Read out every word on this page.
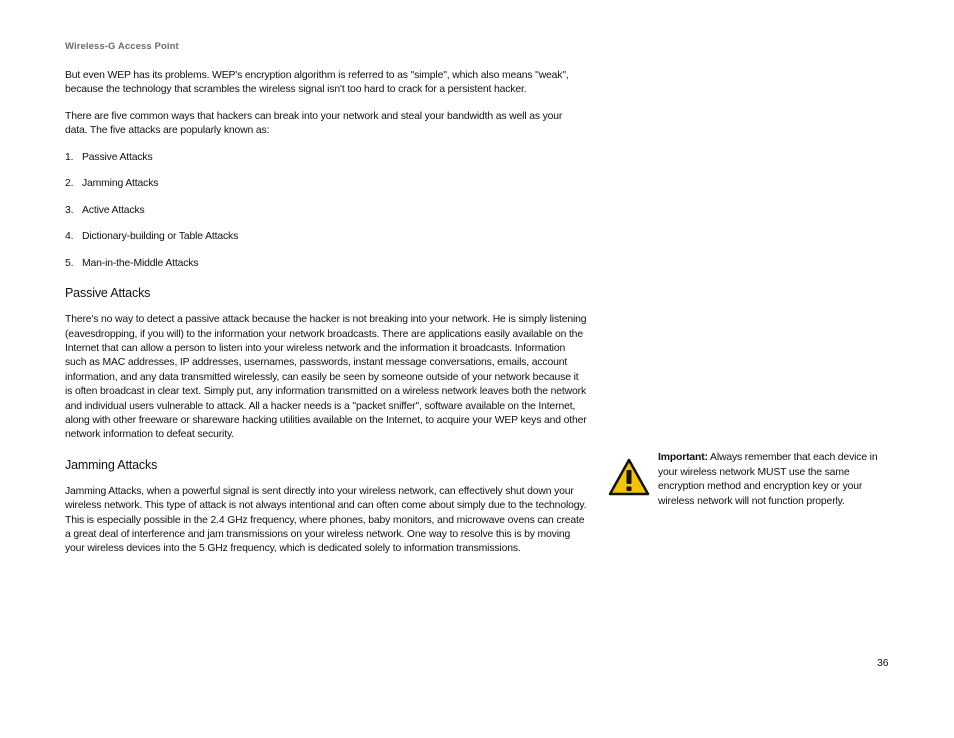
Wireless-G Access Point

But even WEP has its problems. WEP's encryption algorithm is referred to as "simple", which also means "weak", because the technology that scrambles the wireless signal isn't too hard to crack for a persistent hacker.

There are five common ways that hackers can break into your network and steal your bandwidth as well as your data. The five attacks are popularly known as:

1. Passive Attacks
2. Jamming Attacks
3. Active Attacks
4. Dictionary-building or Table Attacks
5. Man-in-the-Middle Attacks
Passive Attacks

There's no way to detect a passive attack because the hacker is not breaking into your network. He is simply listening (eavesdropping, if you will) to the information your network broadcasts. There are applications easily available on the Internet that can allow a person to listen into your wireless network and the information it broadcasts. Information such as MAC addresses, IP addresses, usernames, passwords, instant message conversations, emails, account information, and any data transmitted wirelessly, can easily be seen by someone outside of your network because it is often broadcast in clear text. Simply put, any information transmitted on a wireless network leaves both the network and individual users vulnerable to attack. All a hacker needs is a "packet sniffer", software available on the Internet, along with other freeware or shareware hacking utilities available on the Internet, to acquire your WEP keys and other network information to defeat security.

Jamming Attacks

Jamming Attacks, when a powerful signal is sent directly into your wireless network, can effectively shut down your wireless network. This type of attack is not always intentional and can often come about simply due to the technology. This is especially possible in the 2.4 GHz frequency, where phones, baby monitors, and microwave ovens can create a great deal of interference and jam transmissions on your wireless network. One way to resolve this is by moving your wireless devices into the 5 GHz frequency, which is dedicated solely to information transmissions.

Important: Always remember that each device in your wireless network MUST use the same encryption method and encryption key or your wireless network will not function properly.
36
